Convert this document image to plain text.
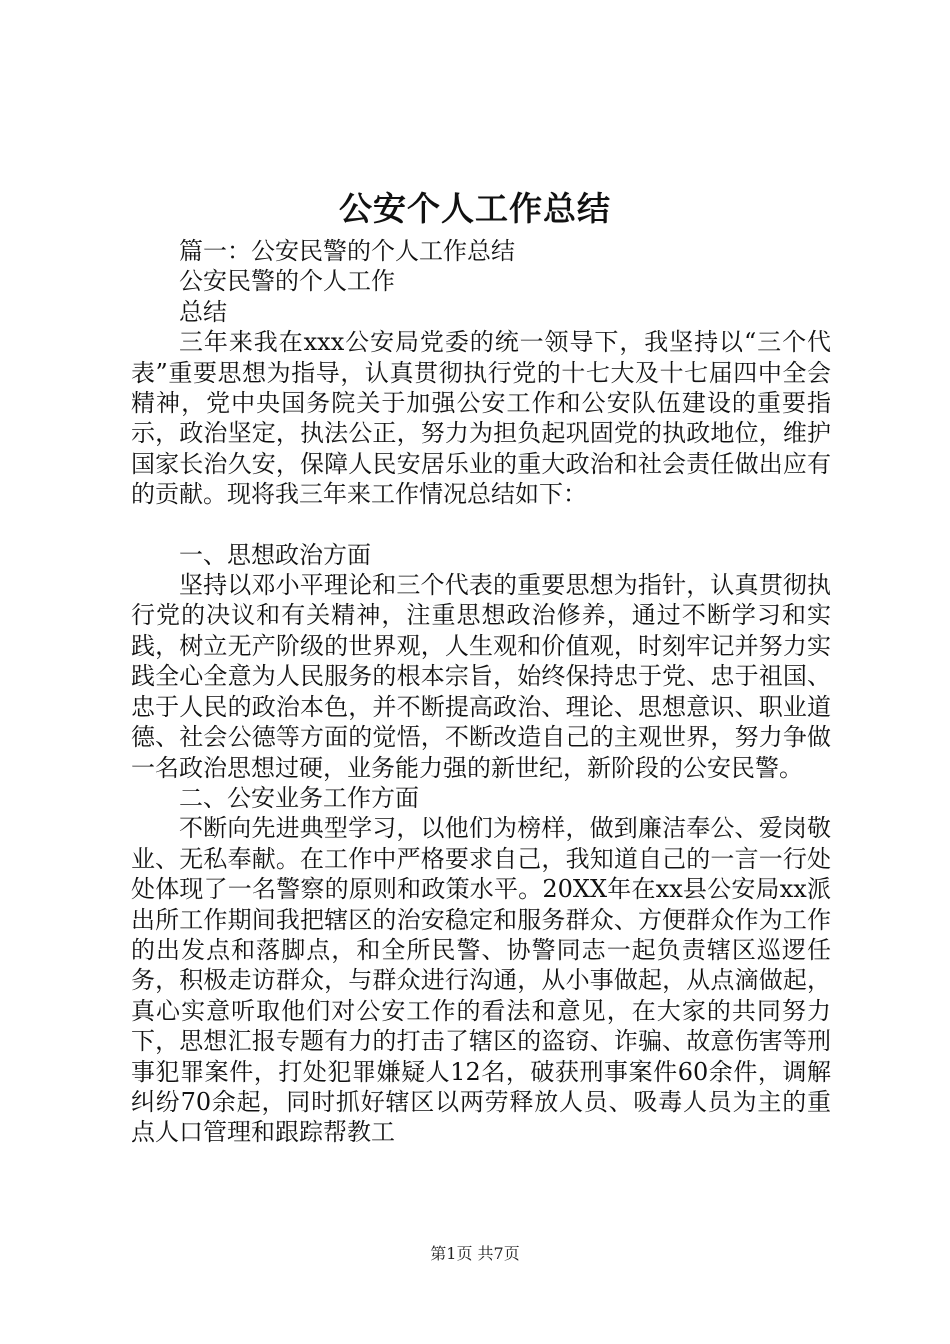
公安个人工作总结

篇一：公安民警的个人工作总结

公安民警的个人工作

总结

三年来我在xxx公安局党委的统一领导下，我坚持以“三个代表”重要思想为指导，认真贯彻执行党的十七大及十七届四中全会精神，党中央国务院关于加强公安工作和公安队伍建设的重要指示，政治坚定，执法公正，努力为担负起巩固党的执政地位，维护国家长治久安，保障人民安居乐业的重大政治和社会责任做出应有的贡献。现将我三年来工作情况总结如下：

一、思想政治方面

坚持以邓小平理论和三个代表的重要思想为指针，认真贯彻执行党的决议和有关精神，注重思想政治修养，通过不断学习和实践，树立无产阶级的世界观，人生观和价值观，时刻牢记并努力实践全心全意为人民服务的根本宗旨，始终保持忠于党、忠于祖国、忠于人民的政治本色，并不断提高政治、理论、思想意识、职业道德、社会公德等方面的觉悟，不断改造自己的主观世界，努力争做一名政治思想过硬，业务能力强的新世纪，新阶段的公安民警。

二、公安业务工作方面

不断向先进典型学习，以他们为榜样，做到廉洁奉公、爱岗敬业、无私奉献。在工作中严格要求自己，我知道自己的一言一行处处体现了一名警察的原则和政策水平。20XX年在xx县公安局xx派出所工作期间我把辖区的治安稳定和服务群众、方便群众作为工作的出发点和落脚点，和全所民警、协警同志一起负责辖区巡逻任务，积极走访群众，与群众进行沟通，从小事做起，从点滴做起，真心实意听取他们对公安工作的看法和意见，在大家的共同努力下，思想汇报专题有力的打击了辖区的盗窃、诈骗、故意伤害等刑事犯罪案件，打处犯罪嫌疑人12名，破获刑事案件60余件，调解纠纷70余起，同时抓好辖区以两劳释放人员、吸毒人员为主的重点人口管理和跟踪帮教工

第1页 共7页
